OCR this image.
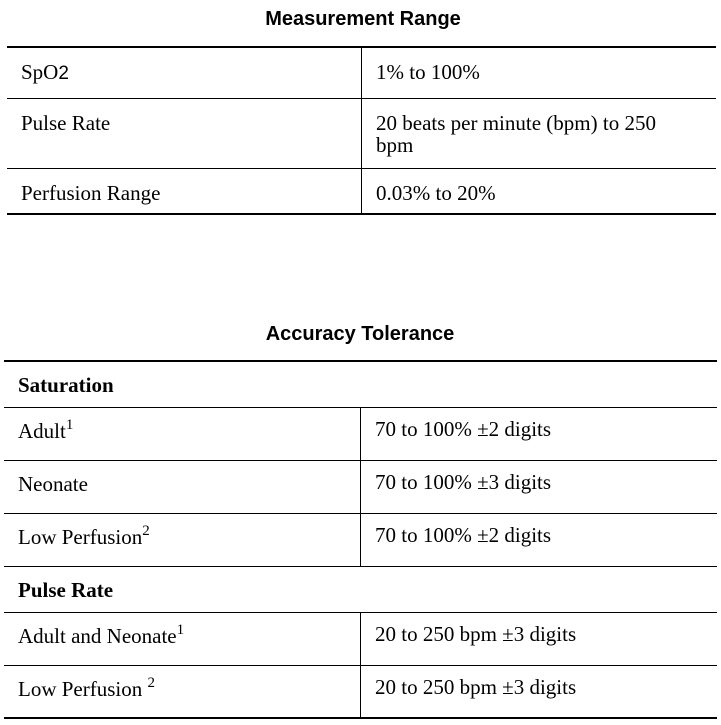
Measurement Range
SpO2	1% to 100%
Pulse Rate	20 beats per minute (bpm) to 250
bpm
Perfusion Range	0.03% to 20%
Accuracy Tolerance
Saturation	
Adult$^1$	70 to 100% ±2 digits
Neonate	70 to 100% ±3 digits
Low Perfusion$^2$	70 to 100% ±2 digits
Pulse Rate	
Adult and Neonate$^1$	20 to 250 bpm ±3 digits
Low Perfusion $^2$	20 to 250 bpm ±3 digits
